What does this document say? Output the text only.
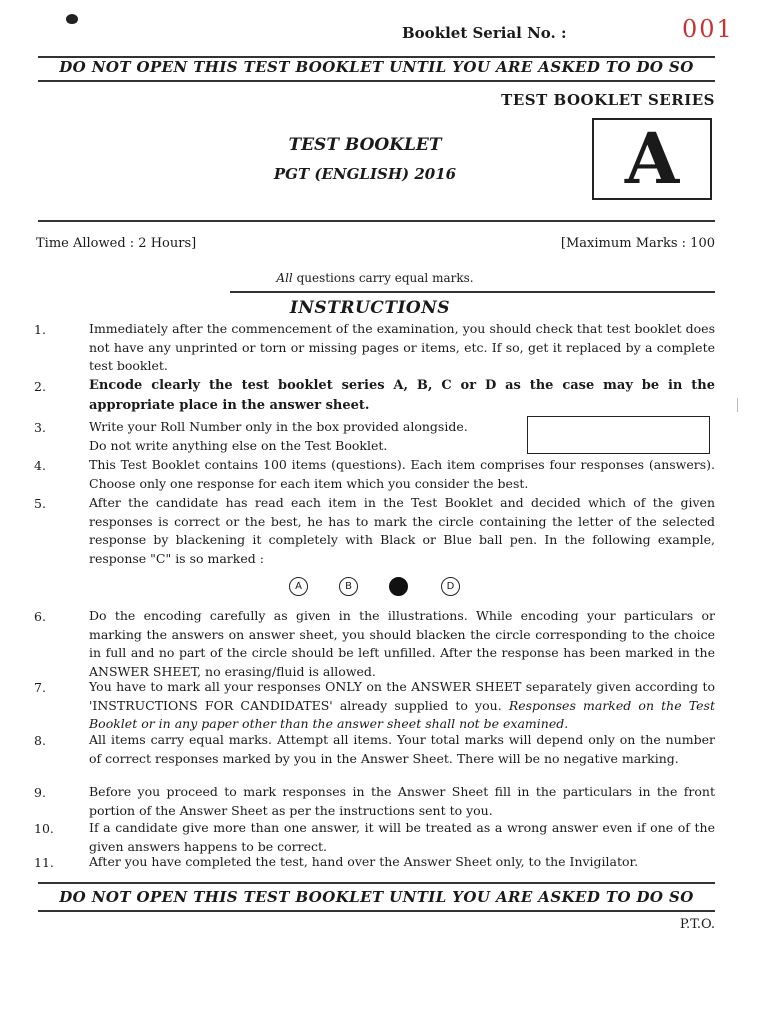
Booklet Serial No. :	001
DO NOT OPEN THIS TEST BOOKLET UNTIL YOU ARE ASKED TO DO SO
TEST BOOKLET SERIES
TEST BOOKLET
PGT (ENGLISH) 2016	A
Time Allowed : 2 Hours]	[Maximum Marks : 100
All questions carry equal marks.
INSTRUCTIONS
1.	Immediately after the commencement of the examination, you should check that test booklet does not have any unprinted or torn or missing pages or items, etc. If so, get it replaced by a complete test booklet.
2.	Encode clearly the test booklet series A, B, C or D as the case may be in the appropriate place in the answer sheet.
3.	Write your Roll Number only in the box provided alongside.
Do not write anything else on the Test Booklet.
4.	This Test Booklet contains 100 items (questions). Each item comprises four responses (answers). Choose only one response for each item which you consider the best.
5.	After the candidate has read each item in the Test Booklet and decided which of the given responses is correct or the best, he has to mark the circle containing the letter of the selected response by blackening it completely with Black or Blue ball pen. In the following example, response "C" is so marked :
A	B	D
6.	Do the encoding carefully as given in the illustrations. While encoding your particulars or marking the answers on answer sheet, you should blacken the circle corresponding to the choice in full and no part of the circle should be left unfilled. After the response has been marked in the ANSWER SHEET, no erasing/fluid is allowed.
7.	You have to mark all your responses ONLY on the ANSWER SHEET separately given according to 'INSTRUCTIONS FOR CANDIDATES' already supplied to you. Responses marked on the Test Booklet or in any paper other than the answer sheet shall not be examined.
8.	All items carry equal marks. Attempt all items. Your total marks will depend only on the number of correct responses marked by you in the Answer Sheet. There will be no negative marking.
9.	Before you proceed to mark responses in the Answer Sheet fill in the particulars in the front portion of the Answer Sheet as per the instructions sent to you.
10.	If a candidate give more than one answer, it will be treated as a wrong answer even if one of the given answers happens to be correct.
11.	After you have completed the test, hand over the Answer Sheet only, to the Invigilator.
DO NOT OPEN THIS TEST BOOKLET UNTIL YOU ARE ASKED TO DO SO
P.T.O.
